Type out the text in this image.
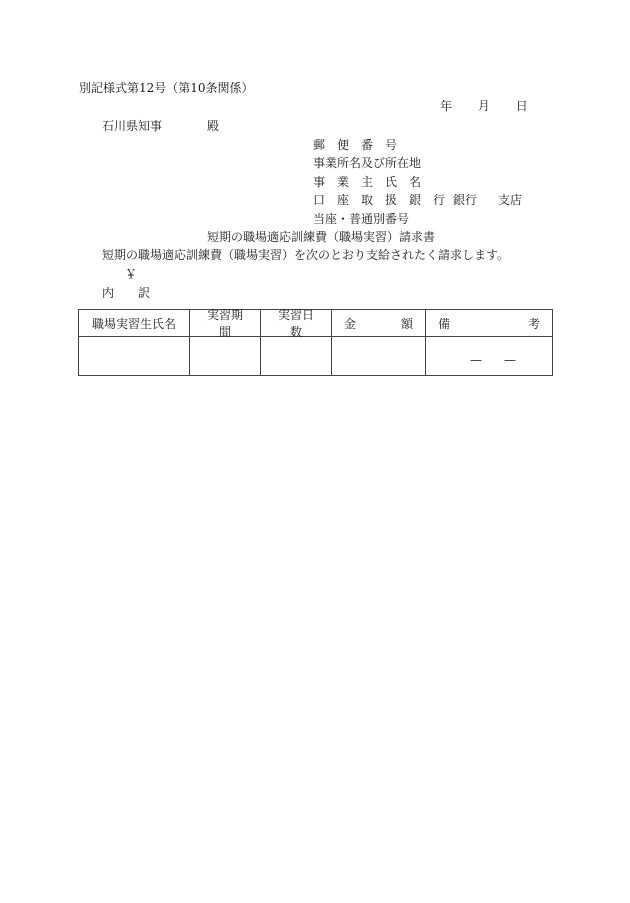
別記様式第12号（第10条関係）
年 月 日
石川県知事	殿
郵　便　番　号
事業所名及び所在地
事　業　主　氏　名
口　座　取　扱　銀　行 銀行 支店
当座・普通別番号
短期の職場適応訓練費（職場実習）請求書
短期の職場適応訓練費（職場実習）を次のとおり支給されたく請求します。
￥
内　　訳
職場実習生氏名	実習期間	実習日数	金 額	備 考

				— —
